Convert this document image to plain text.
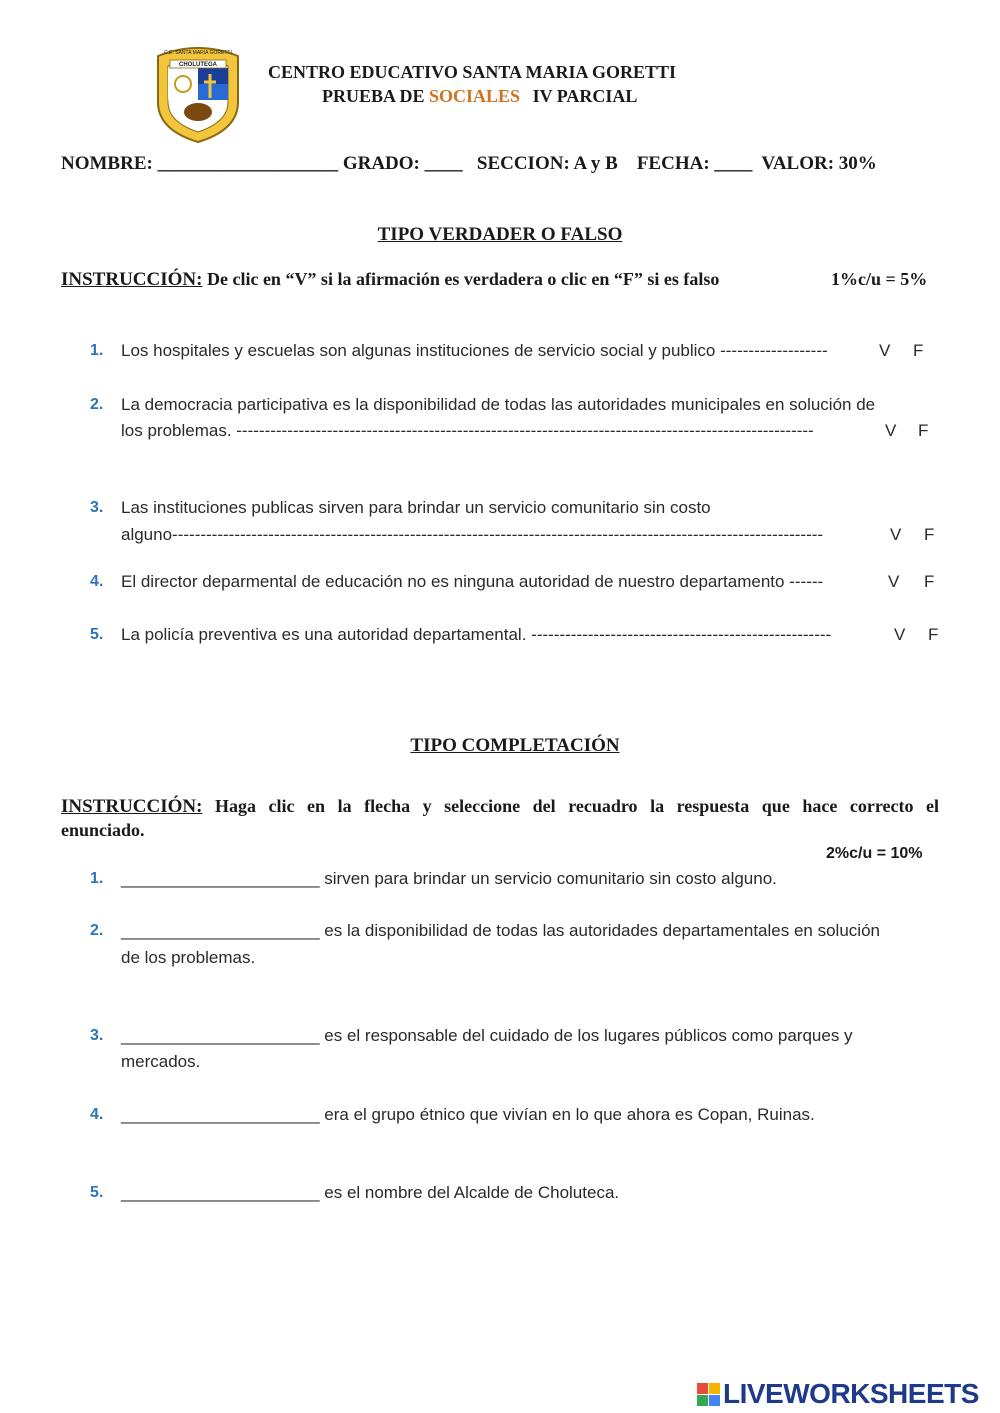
C.E. SANTA MARIA GORETTI
CHOLUTEGA	CENTRO EDUCATIVO SANTA MARIA GORETTI
PRUEBA DE SOCIALES IV PARCIAL
NOMBRE: ___________________ GRADO: ____   SECCION: A y B    FECHA: ____  VALOR: 30%
TIPO VERDADER O FALSO
INSTRUCCIÓN: De clic en “V” si la afirmación es verdadera o clic en “F” si es falso	1%c/u = 5%
1. Los hospitales y escuelas son algunas instituciones de servicio social y publico -------------------	V F
2. La democracia participativa es la disponibilidad de todas las autoridades municipales en solución de
los problemas. ------------------------------------------------------------------------------------------------------	V F
3. Las instituciones publicas sirven para brindar un servicio comunitario sin costo
alguno-------------------------------------------------------------------------------------------------------------------	V F
4. El director deparmental de educación no es ninguna autoridad de nuestro departamento ------	V F
5. La policía preventiva es una autoridad departamental. -----------------------------------------------------	V F
TIPO COMPLETACIÓN
INSTRUCCIÓN: Haga clic en la flecha y seleccione del recuadro la respuesta que hace correcto el
enunciado.
2%c/u = 10%
1. _____________________ sirven para brindar un servicio comunitario sin costo alguno.
2. _____________________ es la disponibilidad de todas las autoridades departamentales en solución
de los problemas.
3. _____________________ es el responsable del cuidado de los lugares públicos como parques y
mercados.
4. _____________________ era el grupo étnico que vivían en lo que ahora es Copan, Ruinas.
5. _____________________ es el nombre del Alcalde de Choluteca.
LIVEWORKSHEETS
